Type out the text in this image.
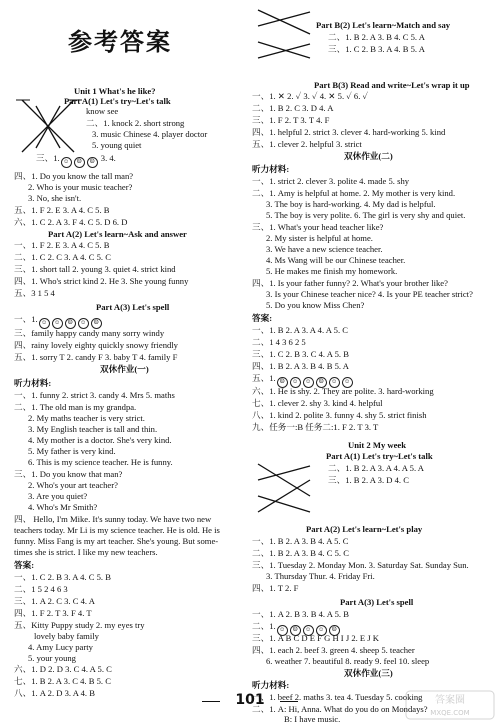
参考答案
Unit 1 What's he like?
Part A(1) Let's try~Let's talk
know see
二、1. knock 2. short strong
3. music Chinese 4. player doctor
5. young quiet
三、1. ☺ ☹ ☹ 3. 4.
四、1. Do you know the tall man?
2. Who is your music teacher?
3. No, she isn't.
五、1. F 2. E 3. A 4. C 5. B
六、1. C 2. A 3. F 4. C 5. D 6. D
Part A(2) Let's learn~Ask and answer
一、1. F 2. E 3. A 4. C 5. B
二、1. C 2. C 3. A 4. C 5. C
三、1. short tall 2. young 3. quiet 4. strict kind
四、1. Who's strict kind 2. He 3. She young funny
五、3 1 5 4
Part A(3) Let's spell
一、1. ☺ ☺ ☹ ☺ ☹
三、family happy candy many sorry windy
四、rainy lovely eighty quickly snowy friendly
五、1. sorry T 2. candy F 3. baby T 4. family F
双休作业(一)
听力材料:
一、1. funny 2. strict 3. candy 4. Mrs 5. maths
二、1. The old man is my grandpa.
2. My maths teacher is very strict.
3. My English teacher is tall and thin.
4. My mother is a doctor. She's very kind.
5. My father is very kind.
6. This is my science teacher. He is funny.
三、1. Do you know that man?
2. Who's your art teacher?
3. Are you quiet?
4. Who's Mr Smith?
四、 Hello, I'm Mike. It's sunny today. We have two new
teachers today. Mr Li is my science teacher. He is old. He is
funny. Miss Fang is my art teacher. She's young. But some-
times she is strict. I like my new teachers.
答案:
一、1. C 2. B 3. A 4. C 5. B
二、1 5 2 4 6 3
三、1. A 2. C 3. C 4. A
四、1. F 2. T 3. F 4. T
五、Kitty Puppy study 2. my eyes try
lovely baby family
4. Amy Lucy party
5. your young
六、1. D 2. D 3. C 4. A 5. C
七、1. B 2. A 3. C 4. B 5. C
八、1. A 2. D 3. A 4. B
Part B(2) Let's learn~Match and say
二、1. B 2. A 3. B 4. C 5. A
三、1. C 2. B 3. A 4. B 5. A
Part B(3) Read and write~Let's wrap it up
一、1. ✕ 2. ✓ 3. ✓ 4. ✕ 5. ✓ 6. ✓
二、1. B 2. C 3. D 4. A
三、1. F 2. T 3. T 4. F
四、1. helpful 2. strict 3. clever 4. hard-working 5. kind
五、1. clever 2. helpful 3. strict
双休作业(二)
听力材料:
一、1. strict 2. clever 3. polite 4. made 5. shy
二、1. Amy is helpful at home. 2. My mother is very kind.
3. The boy is hard-working. 4. My dad is helpful.
5. The boy is very polite. 6. The girl is very shy and quiet.
三、1. What's your head teacher like?
2. My sister is helpful at home.
3. We have a new science teacher.
4. Ms Wang will be our Chinese teacher.
5. He makes me finish my homework.
四、1. Is your father funny? 2. What's your brother like?
3. Is your Chinese teacher nice? 4. Is your PE teacher strict?
5. Do you know Miss Chen?
答案:
一、1. B 2. A 3. A 4. A 5. C
二、1 4 3 6 2 5
三、1. C 2. B 3. C 4. A 5. B
四、1. B 2. A 3. B 4. B 5. A
五、1. ☹ ☺ ☺ ☹ ☺ ☺
六、1. He is shy. 2. They are polite. 3. hard-working
七、1. clever 2. shy 3. kind 4. helpful
八、1. kind 2. polite 3. funny 4. shy 5. strict finish
九、任务一:B 任务二:1. F 2. T 3. T
Unit 2 My week
Part A(1) Let's try~Let's talk
二、1. B 2. A 3. A 4. A 5. A
三、1. B 2. A 3. D 4. C
Part A(2) Let's learn~Let's play
一、1. B 2. A 3. B 4. A 5. C
二、1. B 2. A 3. B 4. C 5. C
三、1. Tuesday 2. Monday Mon. 3. Saturday Sat. Sunday Sun.
3. Thursday Thur. 4. Friday Fri.
四、1. T 2. F
Part A(3) Let's spell
一、1. A 2. B 3. B 4. A 5. B
二、1. ☺ ☹ ☺ ☺ ☹
三、1. A B C D E F G H I J 2. E J K
四、1. each 2. beef 3. green 4. sheep 5. teacher
6. weather 7. beautiful 8. ready 9. feel 10. sleep
双休作业(三)
听力材料:
一、1. beef 2. maths 3. tea 4. Tuesday 5. cooking
二、1. A: Hi, Anna. What do you do on Mondays?
B: I have music.
101	答案圈
MXQE.COM
